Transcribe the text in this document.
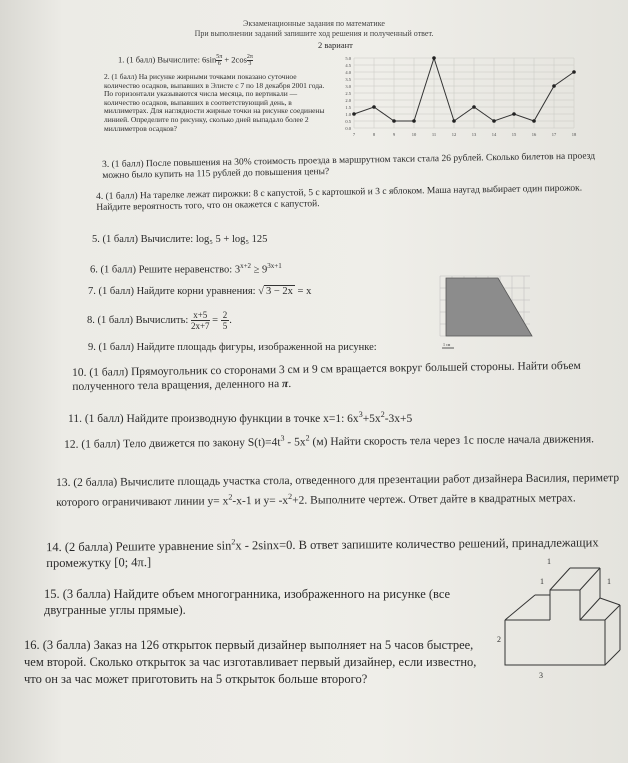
Экзаменационные задания по математике
При выполнении заданий запишите ход решения и полученный ответ.
2 вариант
1. (1 балл) Вычислите: $6\sin \frac{5\pi}{6} + 2\cos \frac{2\pi}{3}$
2. (1 балл) На рисунке жирными точками показано суточное количество осадков, выпавших в Элисте с 7 по 18 декабря 2001 года. По горизонтали указываются числа месяца, по вертикали — количество осадков, выпавших в соответствующий день, в миллиметрах. Для наглядности жирные точки на рисунке соединены линией. Определите по рисунку, сколько дней выпадало более 2 миллиметров осадков?	0.0
0.5
1.0
1.5
2.0
2.5
3.0
3.5
4.0
4.5
5.0
7	8	9	10	11	12	13	14	15	16	17	18
3. (1 балл) После повышения на 30% стоимость проезда в маршрутном такси стала 26 рублей. Сколько билетов на проезд можно было купить на 115 рублей до повышения цены?
4. (1 балл) На тарелке лежат пирожки: 8 с капустой, 5 с картошкой и 3 с яблоком. Маша наугад выбирает один пирожок. Найдите вероятность того, что он окажется с капустой.
5. (1 балл) Вычислите: log₅ 5 + log₅ 125
6. (1 балл) Решите неравенство: $3^{x+2} \ge 9^{3x+1}$
7. (1 балл) Найдите корни уравнения: √ 3 − 2x = x
8. (1 балл) Вычислить: $\frac{x+5}{2x+7} = \frac{2}{5}$ .
1 см
9. (1 балл) Найдите площадь фигуры, изображенной на рисунке:
10. (1 балл) Прямоугольник со сторонами 3 см и 9 см вращается вокруг большей стороны. Найти объем полученного тела вращения, деленного на π.
11. (1 балл) Найдите производную функции в точке x=1: $6x^3+5x^2-3x+5$
12. (1 балл) Тело движется по закону $S(t)=4t^3 - 5x^2$ (м) Найти скорость тела через 1с после начала движения.
13. (2 балла) Вычислите площадь участка стола, отведенного для презентации работ дизайнера Василия, периметр которого ограничивают линии $y= x^2-x-1$ и $y= -x^2+2$. Выполните чертеж. Ответ дайте в квадратных метрах.
14. (2 балла) Решите уравнение $\sin^2x - 2\sin x=0$. В ответ запишите количество решений, принадлежащих промежутку [0; 4π.]
15. (3 балла) Найдите объем многогранника, изображенного на рисунке (все двугранные углы прямые).
16. (3 балла) Заказ на 126 открыток первый дизайнер выполняет на 5 часов быстрее, чем второй. Сколько открыток за час изготавливает первый дизайнер, если известно, что он за час может приготовить на 5 открыток больше второго?
1
1	1
2
3
